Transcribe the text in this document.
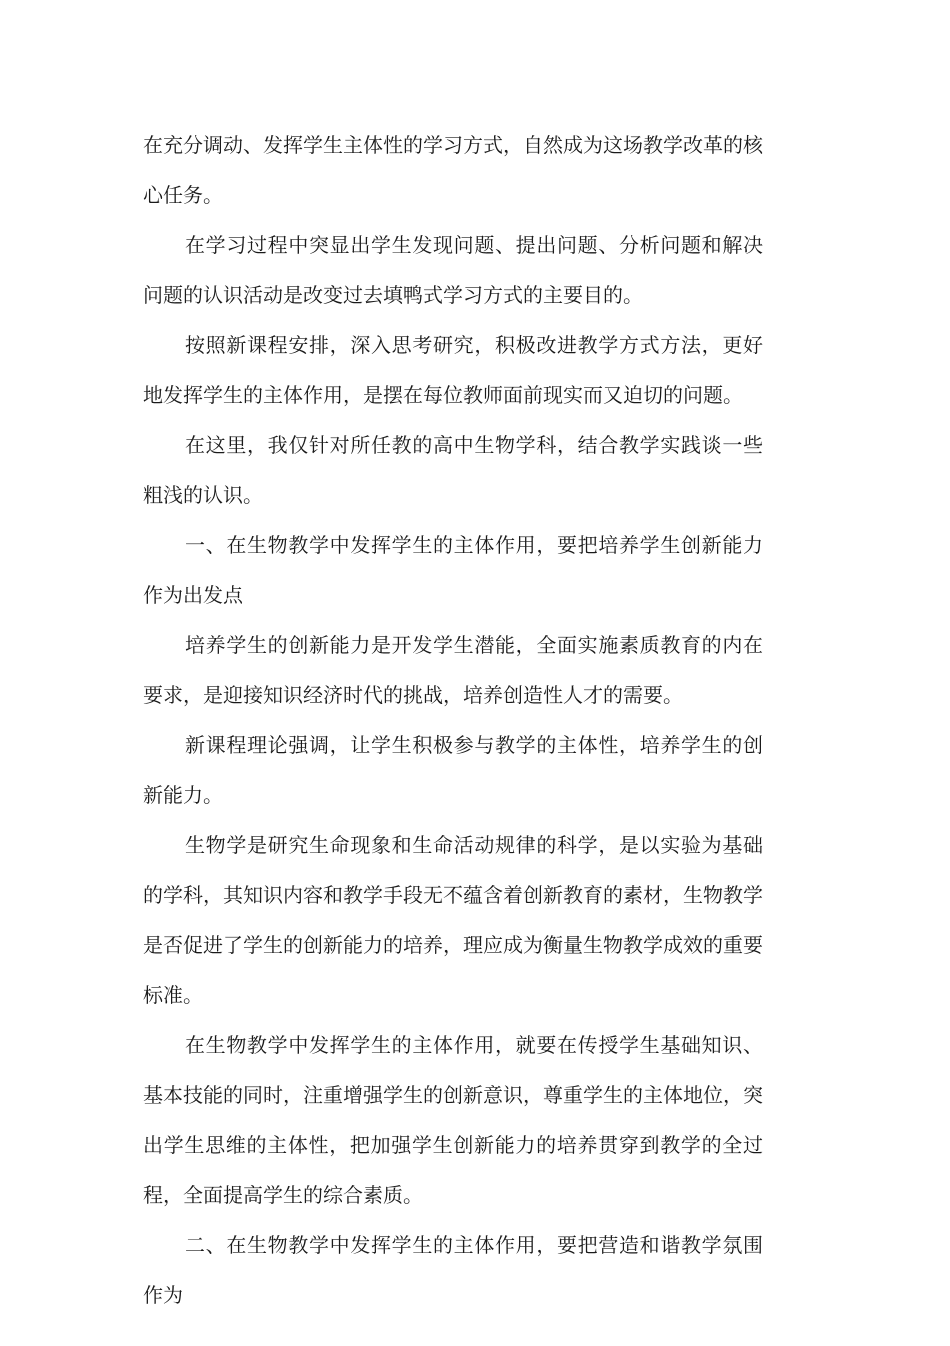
在充分调动、发挥学生主体性的学习方式，自然成为这场教学改革的核心任务。

在学习过程中突显出学生发现问题、提出问题、分析问题和解决问题的认识活动是改变过去填鸭式学习方式的主要目的。

按照新课程安排，深入思考研究，积极改进教学方式方法，更好地发挥学生的主体作用，是摆在每位教师面前现实而又迫切的问题。

在这里，我仅针对所任教的高中生物学科，结合教学实践谈一些粗浅的认识。

一、在生物教学中发挥学生的主体作用，要把培养学生创新能力作为出发点

培养学生的创新能力是开发学生潜能，全面实施素质教育的内在要求，是迎接知识经济时代的挑战，培养创造性人才的需要。

新课程理论强调，让学生积极参与教学的主体性，培养学生的创新能力。

生物学是研究生命现象和生命活动规律的科学，是以实验为基础的学科，其知识内容和教学手段无不蕴含着创新教育的素材，生物教学是否促进了学生的创新能力的培养，理应成为衡量生物教学成效的重要标准。

在生物教学中发挥学生的主体作用，就要在传授学生基础知识、基本技能的同时，注重增强学生的创新意识，尊重学生的主体地位，突出学生思维的主体性，把加强学生创新能力的培养贯穿到教学的全过程，全面提高学生的综合素质。

二、在生物教学中发挥学生的主体作用，要把营造和谐教学氛围作为
